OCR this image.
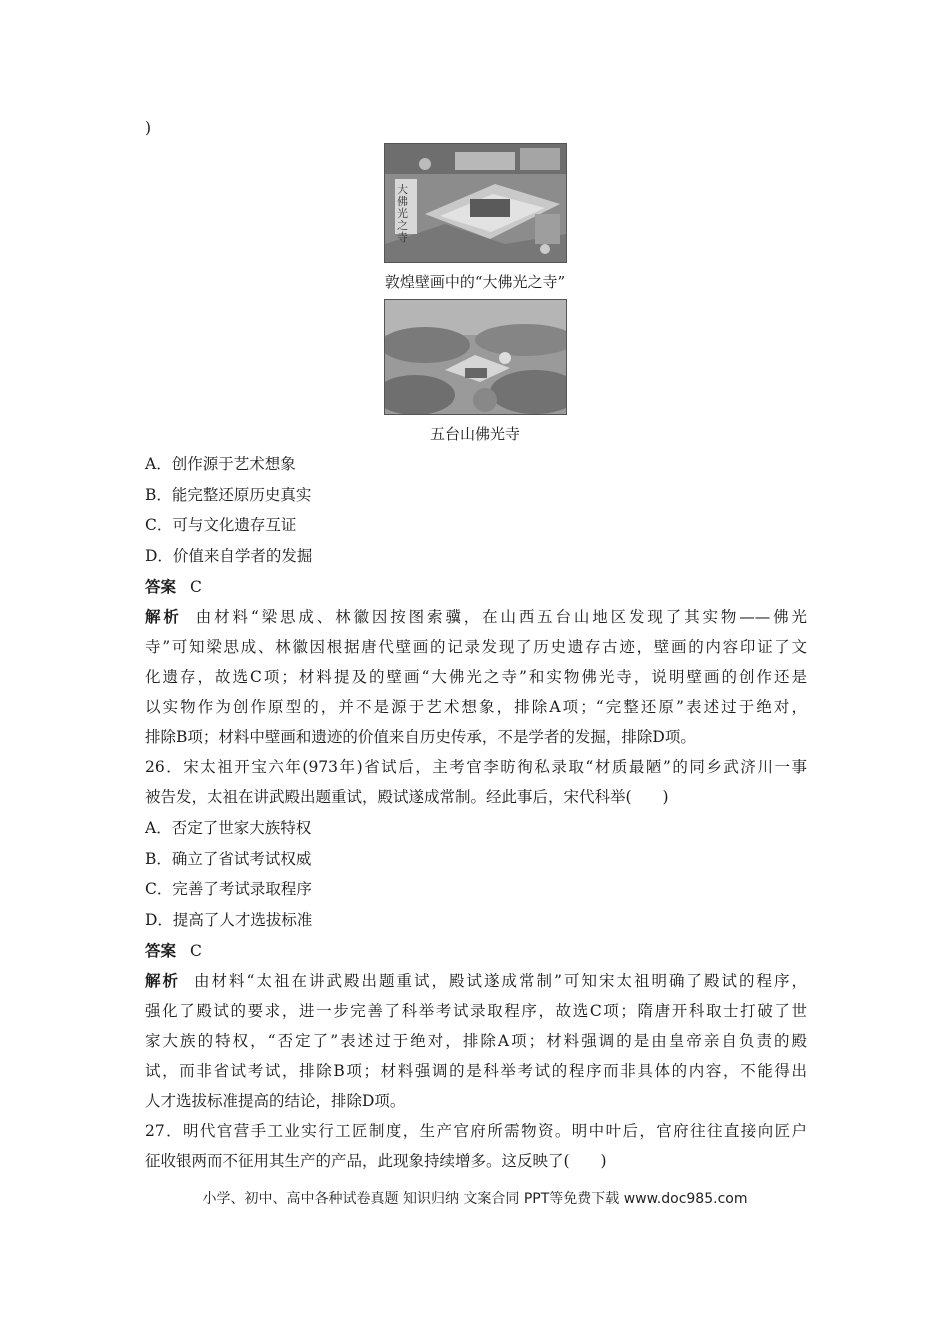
)
大佛光之寺
敦煌壁画中的“大佛光之寺”
五台山佛光寺
A．创作源于艺术想象
B．能完整还原历史真实
C．可与文化遗存互证
D．价值来自学者的发掘
答案 C
解析 由材料“梁思成、林徽因按图索骥，在山西五台山地区发现了其实物——佛光
寺”可知梁思成、林徽因根据唐代壁画的记录发现了历史遗存古迹，壁画的内容印证了文
化遗存，故选C项；材料提及的壁画“大佛光之寺”和实物佛光寺，说明壁画的创作还是
以实物作为创作原型的，并不是源于艺术想象，排除A项；“完整还原”表述过于绝对，
排除B项；材料中壁画和遗迹的价值来自历史传承，不是学者的发掘，排除D项。
26．宋太祖开宝六年(973年)省试后，主考官李昉徇私录取“材质最陋”的同乡武济川一事
被告发，太祖在讲武殿出题重试，殿试遂成常制。经此事后，宋代科举(　　)
A．否定了世家大族特权
B．确立了省试考试权威
C．完善了考试录取程序
D．提高了人才选拔标准
答案 C
解析 由材料“太祖在讲武殿出题重试，殿试遂成常制”可知宋太祖明确了殿试的程序，
强化了殿试的要求，进一步完善了科举考试录取程序，故选C项；隋唐开科取士打破了世
家大族的特权，“否定了”表述过于绝对，排除A项；材料强调的是由皇帝亲自负责的殿
试，而非省试考试，排除B项；材料强调的是科举考试的程序而非具体的内容，不能得出
人才选拔标准提高的结论，排除D项。
27．明代官营手工业实行工匠制度，生产官府所需物资。明中叶后，官府往往直接向匠户
征收银两而不征用其生产的产品，此现象持续增多。这反映了(　　)
小学、初中、高中各种试卷真题 知识归纳 文案合同 PPT等免费下载 www.doc985.com
